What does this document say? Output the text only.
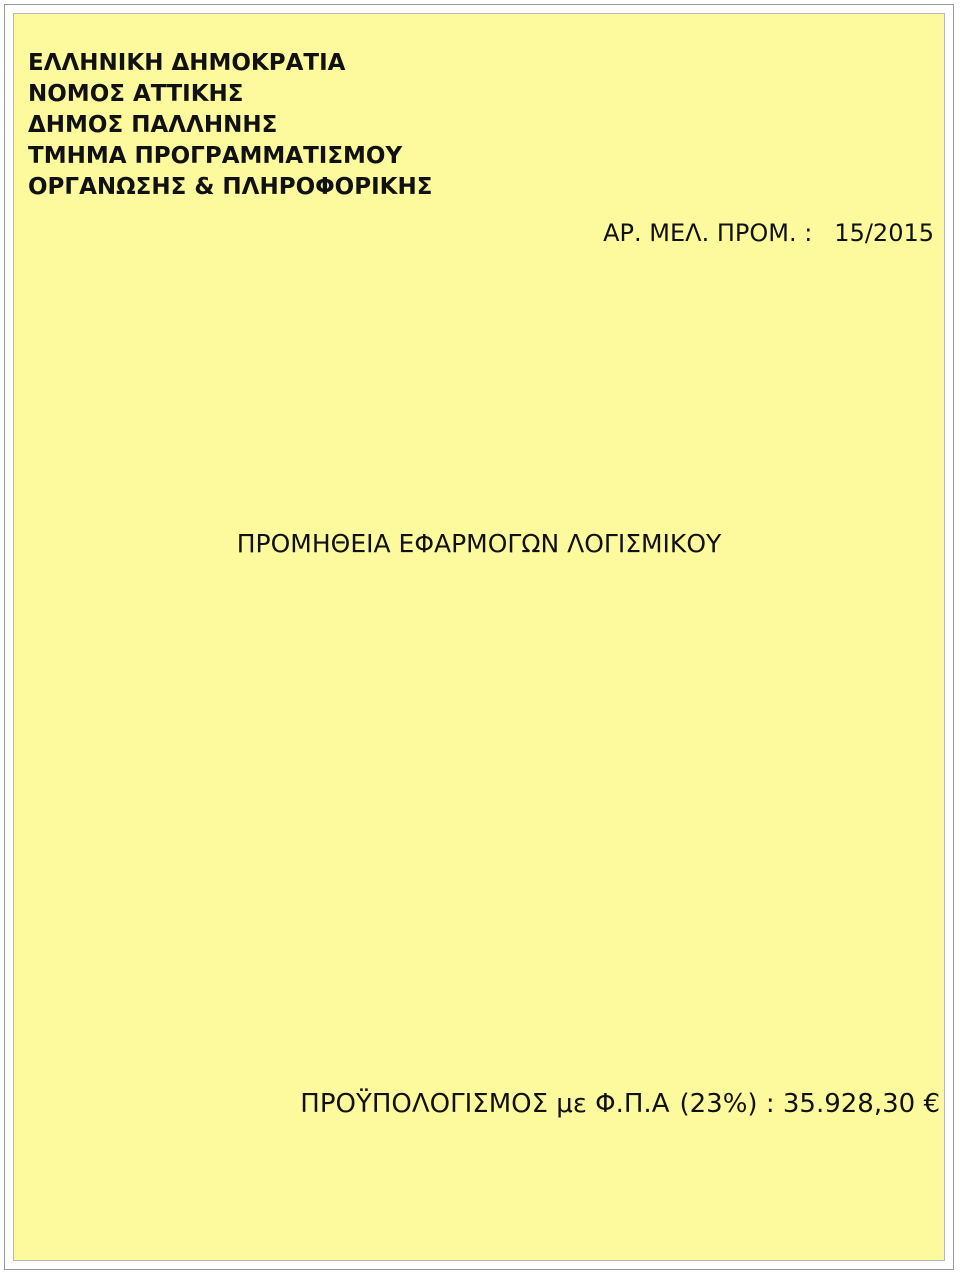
ΕΛΛΗΝΙΚΗ ΔΗΜΟΚΡΑΤΙΑ
ΝΟΜΟΣ ΑΤΤΙΚΗΣ
ΔΗΜΟΣ ΠΑΛΛΗΝΗΣ
ΤΜΗΜΑ ΠΡΟΓΡΑΜΜΑΤΙΣΜΟΥ
ΟΡΓΑΝΩΣΗΣ & ΠΛΗΡΟΦΟΡΙΚΗΣ
ΑΡ. ΜΕΛ. ΠΡΟΜ. : 15/2015
ΠΡΟΜΗΘΕΙΑ ΕΦΑΡΜΟΓΩΝ ΛΟΓΙΣΜΙΚΟΥ
ΠΡΟΫΠΟΛΟΓΙΣΜΟΣ με Φ.Π.Α (23%) : 35.928,30 €
